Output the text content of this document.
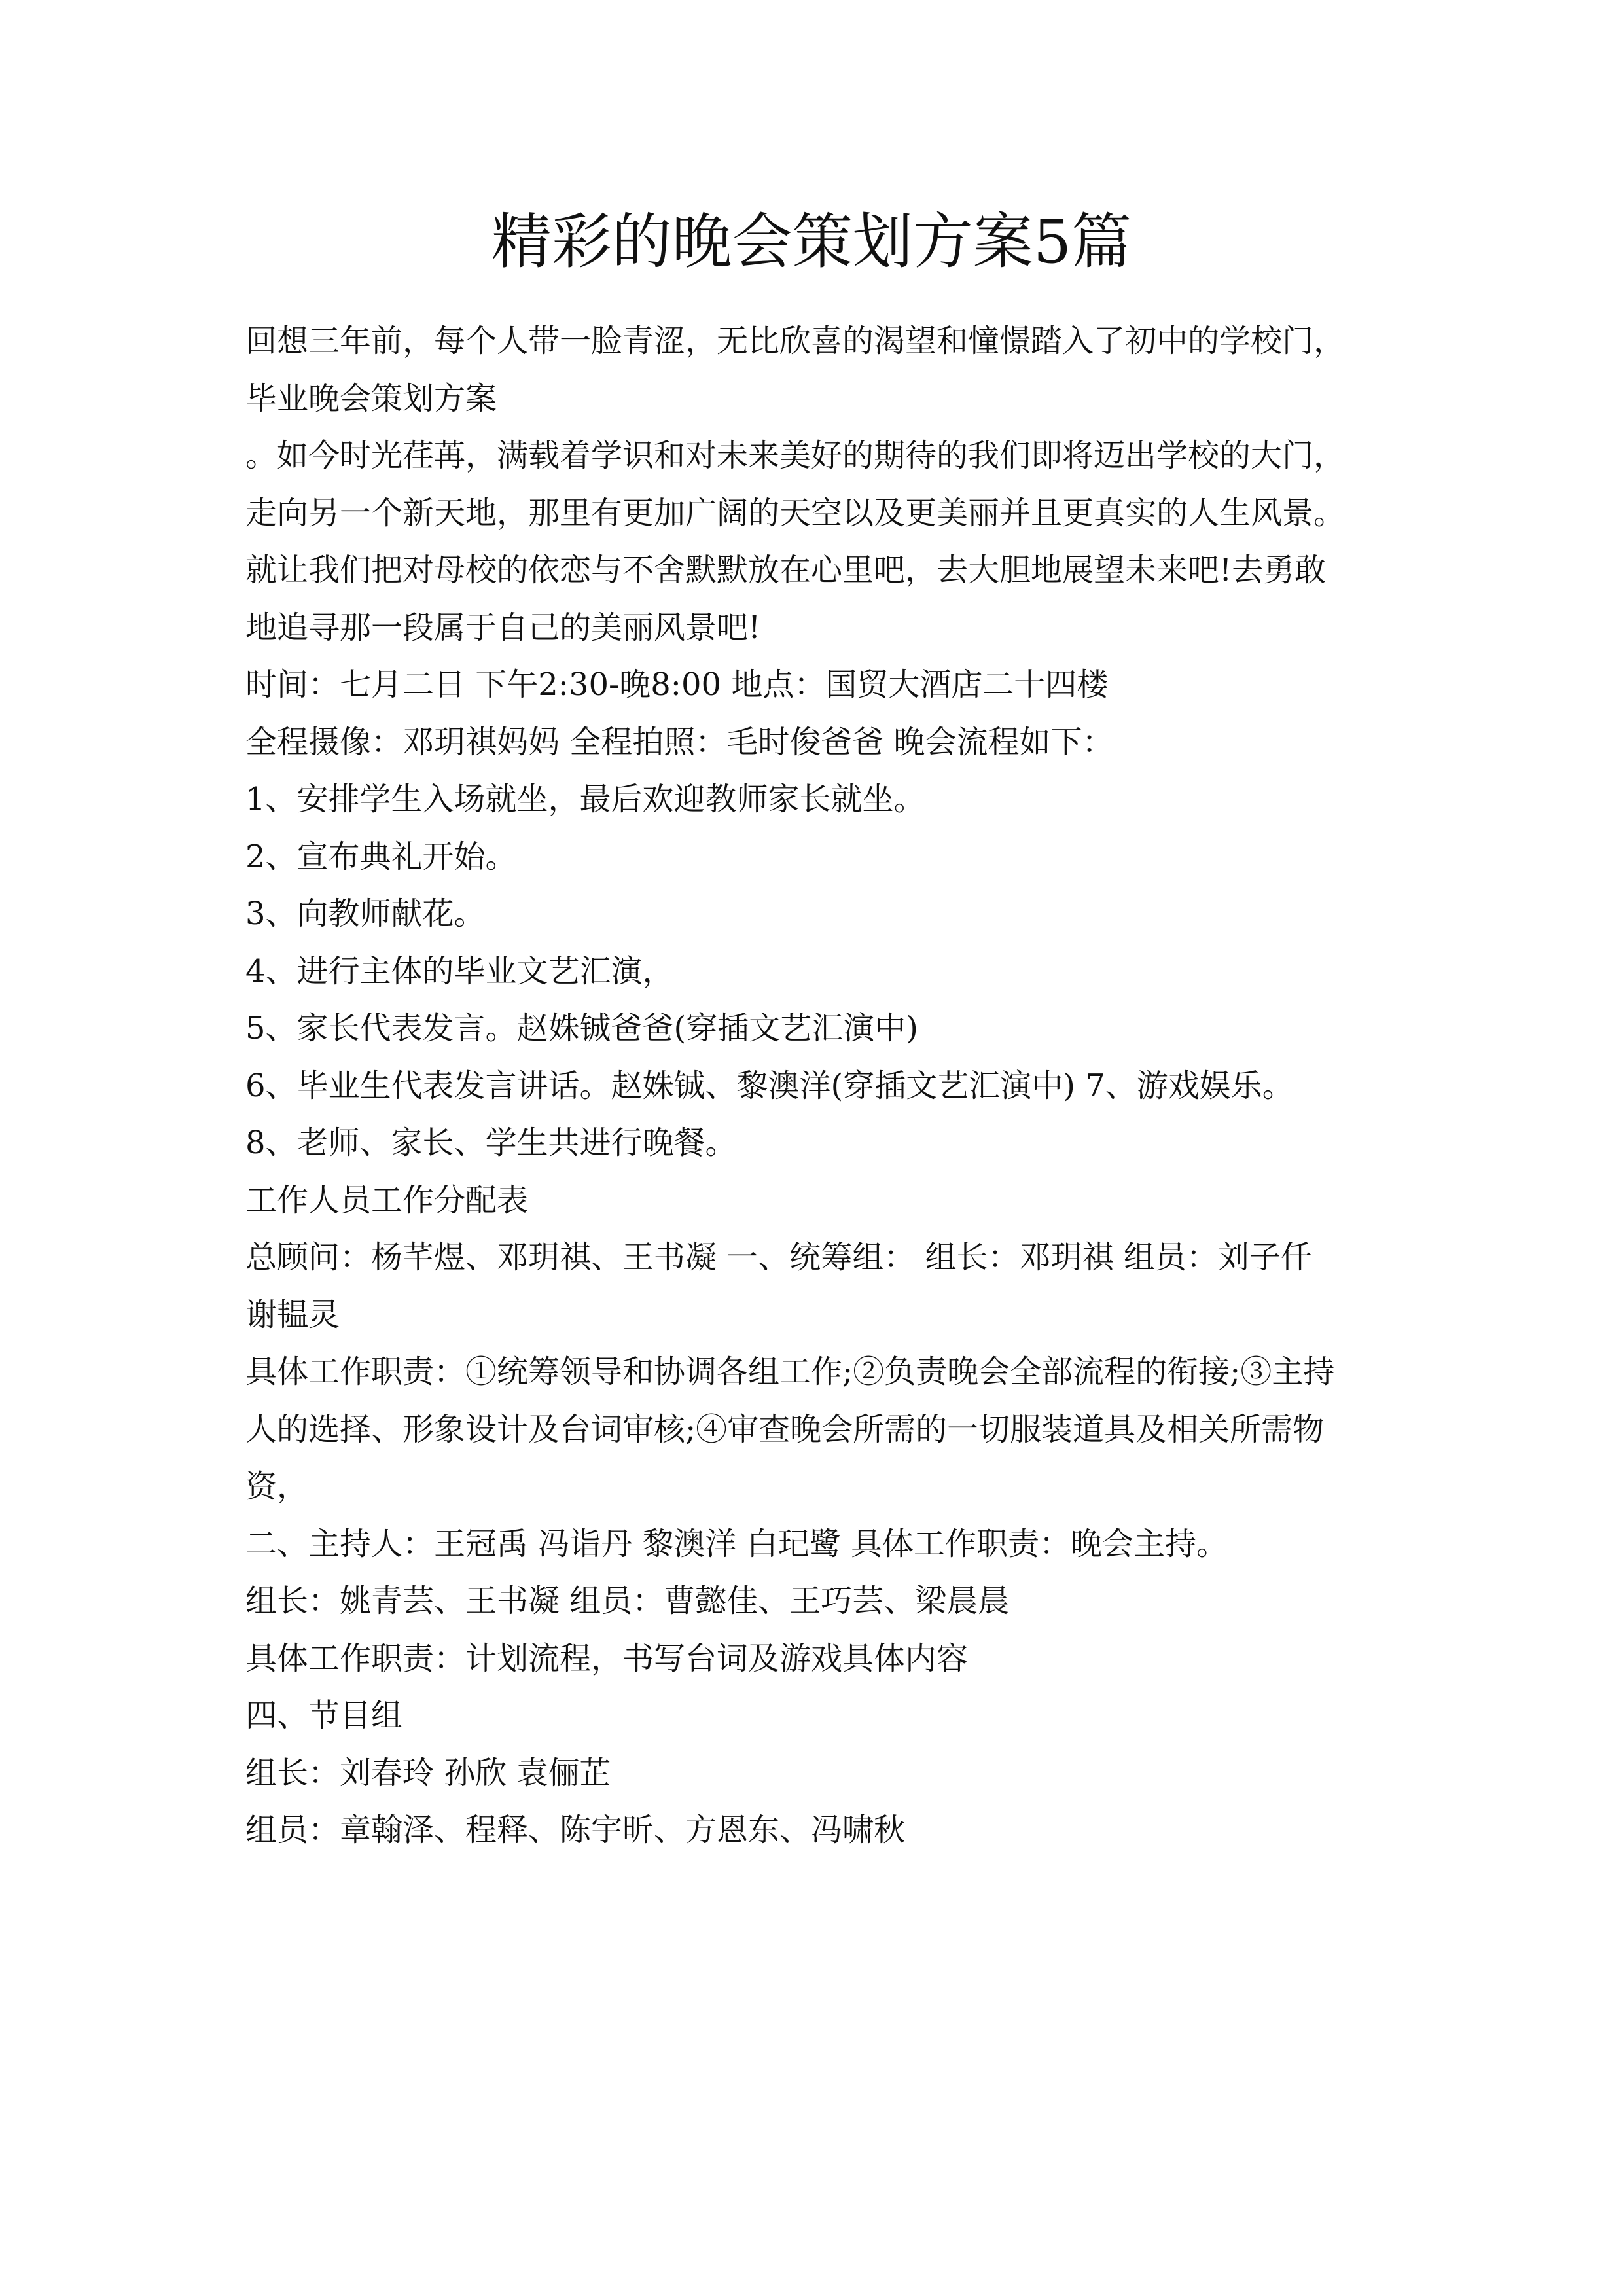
精彩的晚会策划方案5篇

回想三年前，每个人带一脸青涩，无比欣喜的渴望和憧憬踏入了初中的学校门，

毕业晚会策划方案

。如今时光荏苒，满载着学识和对未来美好的期待的我们即将迈出学校的大门，

走向另一个新天地，那里有更加广阔的天空以及更美丽并且更真实的人生风景。

就让我们把对母校的依恋与不舍默默放在心里吧，去大胆地展望未来吧!去勇敢

地追寻那一段属于自己的美丽风景吧!

时间：七月二日 下午2:30-晚8:00 地点：国贸大酒店二十四楼

全程摄像：邓玥祺妈妈 全程拍照：毛时俊爸爸 晚会流程如下：

1、安排学生入场就坐，最后欢迎教师家长就坐。

2、宣布典礼开始。

3、向教师献花。

4、进行主体的毕业文艺汇演，

5、家长代表发言。赵姝铖爸爸(穿插文艺汇演中)

6、毕业生代表发言讲话。赵姝铖、黎澳洋(穿插文艺汇演中) 7、游戏娱乐。

8、老师、家长、学生共进行晚餐。

工作人员工作分配表

总顾问：杨芊煜、邓玥祺、王书凝 一、统筹组： 组长：邓玥祺 组员：刘子仟

谢韫灵

具体工作职责：①统筹领导和协调各组工作;②负责晚会全部流程的衔接;③主持

人的选择、形象设计及台词审核;④审查晚会所需的一切服装道具及相关所需物

资，

二、主持人：王冠禹 冯诣丹 黎澳洋 白玘鹭 具体工作职责：晚会主持。

组长：姚青芸、王书凝 组员：曹懿佳、王巧芸、梁晨晨

具体工作职责：计划流程，书写台词及游戏具体内容

四、节目组

组长：刘春玲 孙欣 袁俪芷

组员：章翰泽、程释、陈宇昕、方恩东、冯啸秋
